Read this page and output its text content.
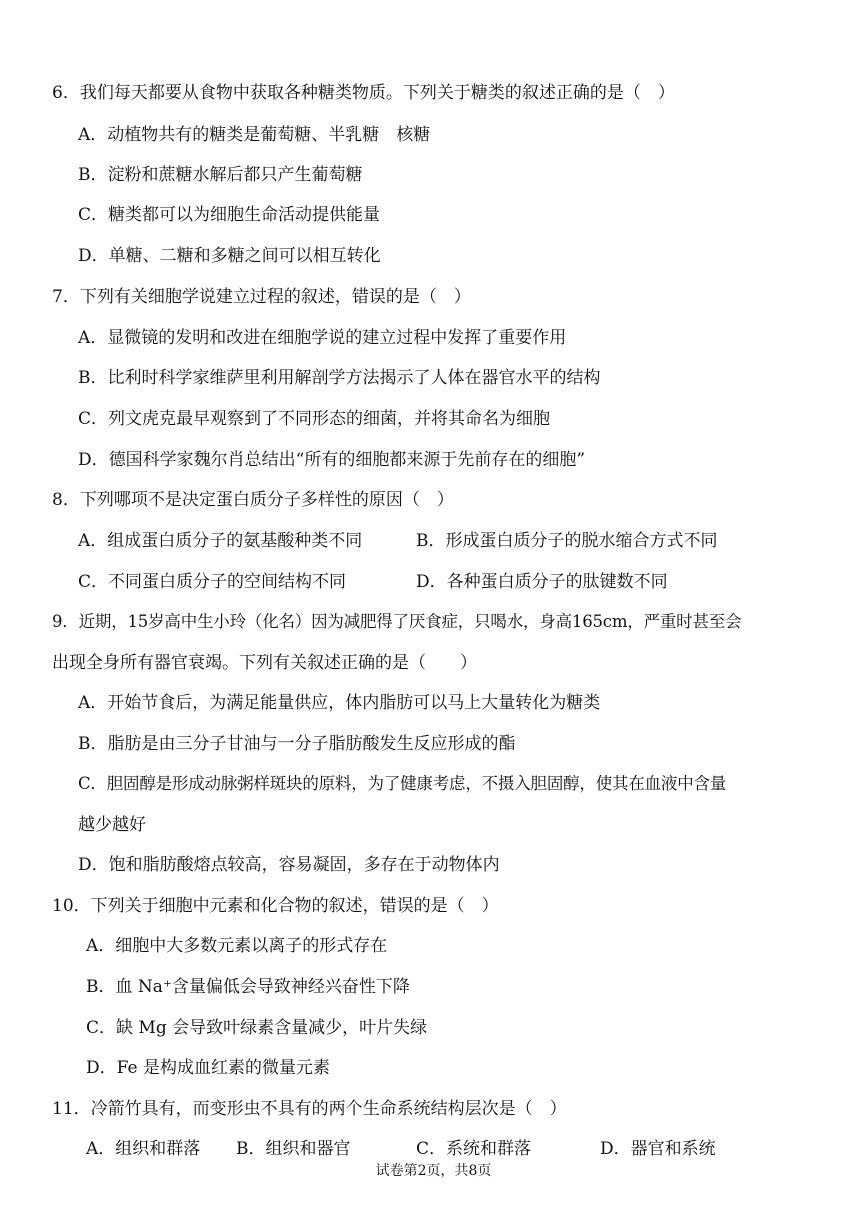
6．我们每天都要从食物中获取各种糖类物质。下列关于糖类的叙述正确的是（　）
A．动植物共有的糖类是葡萄糖、半乳糖　核糖
B．淀粉和蔗糖水解后都只产生葡萄糖
C．糖类都可以为细胞生命活动提供能量
D．单糖、二糖和多糖之间可以相互转化
7．下列有关细胞学说建立过程的叙述，错误的是（　）
A．显微镜的发明和改进在细胞学说的建立过程中发挥了重要作用
B．比利时科学家维萨里利用解剖学方法揭示了人体在器官水平的结构
C．列文虎克最早观察到了不同形态的细菌，并将其命名为细胞
D．德国科学家魏尔肖总结出“所有的细胞都来源于先前存在的细胞”
8．下列哪项不是决定蛋白质分子多样性的原因（　）
A．组成蛋白质分子的氨基酸种类不同	B．形成蛋白质分子的脱水缩合方式不同
C．不同蛋白质分子的空间结构不同	D．各种蛋白质分子的肽键数不同
9．近期，15岁高中生小玲（化名）因为减肥得了厌食症，只喝水，身高165cm，严重时甚至会
出现全身所有器官衰竭。下列有关叙述正确的是（　　）
A．开始节食后，为满足能量供应，体内脂肪可以马上大量转化为糖类
B．脂肪是由三分子甘油与一分子脂肪酸发生反应形成的酯
C．胆固醇是形成动脉粥样斑块的原料，为了健康考虑，不摄入胆固醇，使其在血液中含量
越少越好
D．饱和脂肪酸熔点较高，容易凝固，多存在于动物体内
10．下列关于细胞中元素和化合物的叙述，错误的是（　）
A．细胞中大多数元素以离子的形式存在
B．血 Na⁺含量偏低会导致神经兴奋性下降
C．缺 Mg 会导致叶绿素含量减少，叶片失绿
D．Fe 是构成血红素的微量元素
11．冷箭竹具有，而变形虫不具有的两个生命系统结构层次是（　）
A．组织和群落 B．组织和器官	C．系统和群落	D．器官和系统
试卷第2页，共8页
